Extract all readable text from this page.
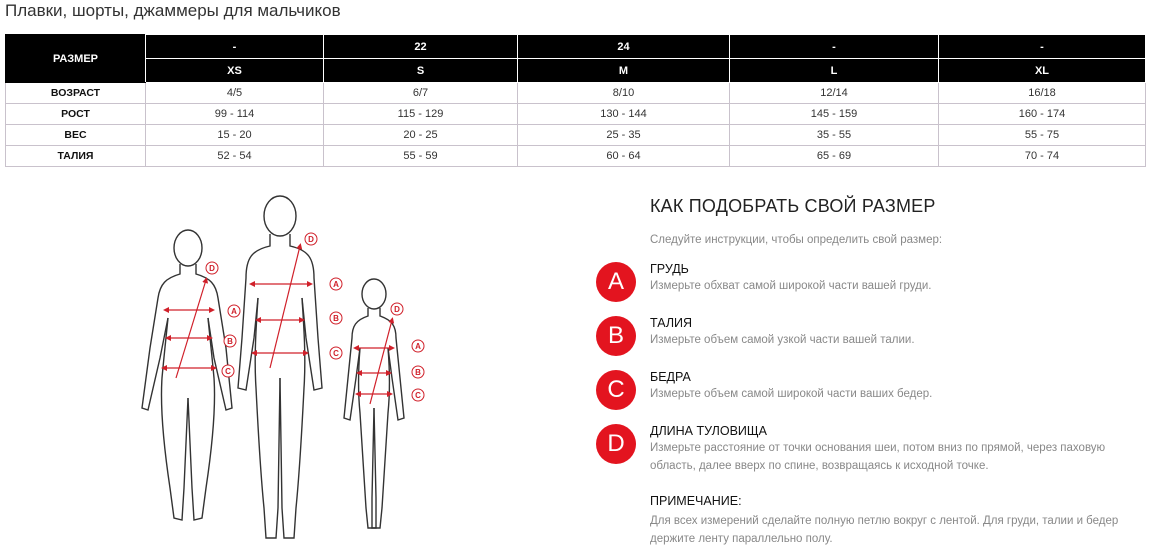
Плавки, шорты, джаммеры для мальчиков
РАЗМЕР	-	22	24	-	-
	XS	S	M	L	XL
ВОЗРАСТ	4/5	6/7	8/10	12/14	16/18
РОСТ	99 - 114	115 - 129	130 - 144	145 - 159	160 - 174
ВЕС	15 - 20	20 - 25	25 - 35	35 - 55	55 - 75
ТАЛИЯ	52 - 54	55 - 59	60 - 64	65 - 69	70 - 74
A
B
C
D
A
B
C
D
A
B
C
D
КАК ПОДОБРАТЬ СВОЙ РАЗМЕР
Следуйте инструкции, чтобы определить свой размер:
A	ГРУДЬ
Измерьте обхват самой широкой части вашей груди.
B	ТАЛИЯ
Измерьте объем самой узкой части вашей талии.
C	БЕДРА
Измерьте объем самой широкой части ваших бедер.
D	ДЛИНА ТУЛОВИЩА
Измерьте расстояние от точки основания шеи, потом вниз по прямой, через паховую область, далее вверх по спине, возвращаясь к исходной точке.
ПРИМЕЧАНИЕ:
Для всех измерений сделайте полную петлю вокруг с лентой. Для груди, талии и бедер держите ленту параллельно полу.
